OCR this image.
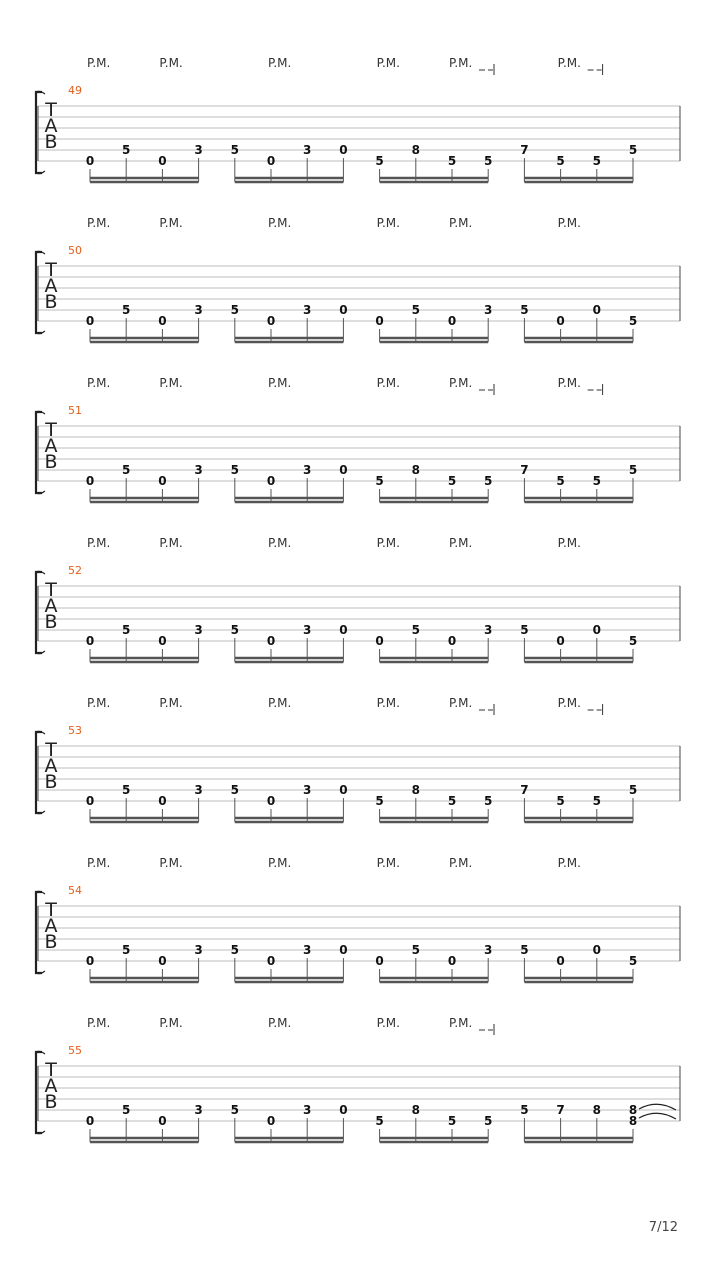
T
A
B
49
P.M.	P.M.	P.M.	P.M.	P.M.	P.M.
0
5
0
3 5
0
3 0
5
8
5 5
7
5 5
5
T
A
B
50
P.M.	P.M.	P.M.	P.M.	P.M.	P.M.
0
5
0
3 5
0
3 0
0
5
0
3 5
0
0
5
T
A
B
51
P.M.	P.M.	P.M.	P.M.	P.M.	P.M.
0
5
0
3 5
0
3 0
5
8
5 5
7
5 5
5
T
A
B
52
P.M.	P.M.	P.M.	P.M.	P.M.	P.M.
0
5
0
3 5
0
3 0
0
5
0
3 5
0
0
5
T
A
B
53
P.M.	P.M.	P.M.	P.M.	P.M.	P.M.
0
5
0
3 5
0
3 0
5
8
5 5
7
5 5
5
T
A
B
54
P.M.	P.M.	P.M.	P.M.	P.M.	P.M.
0
5
0
3 5
0
3 0
0
5
0
3 5
0
0
5
T
A
B
55
P.M.	P.M.	P.M.	P.M.	P.M.
0
5
0
3 5
0
3 0
5
8
5 5
5 7 8 8
8
7/12
